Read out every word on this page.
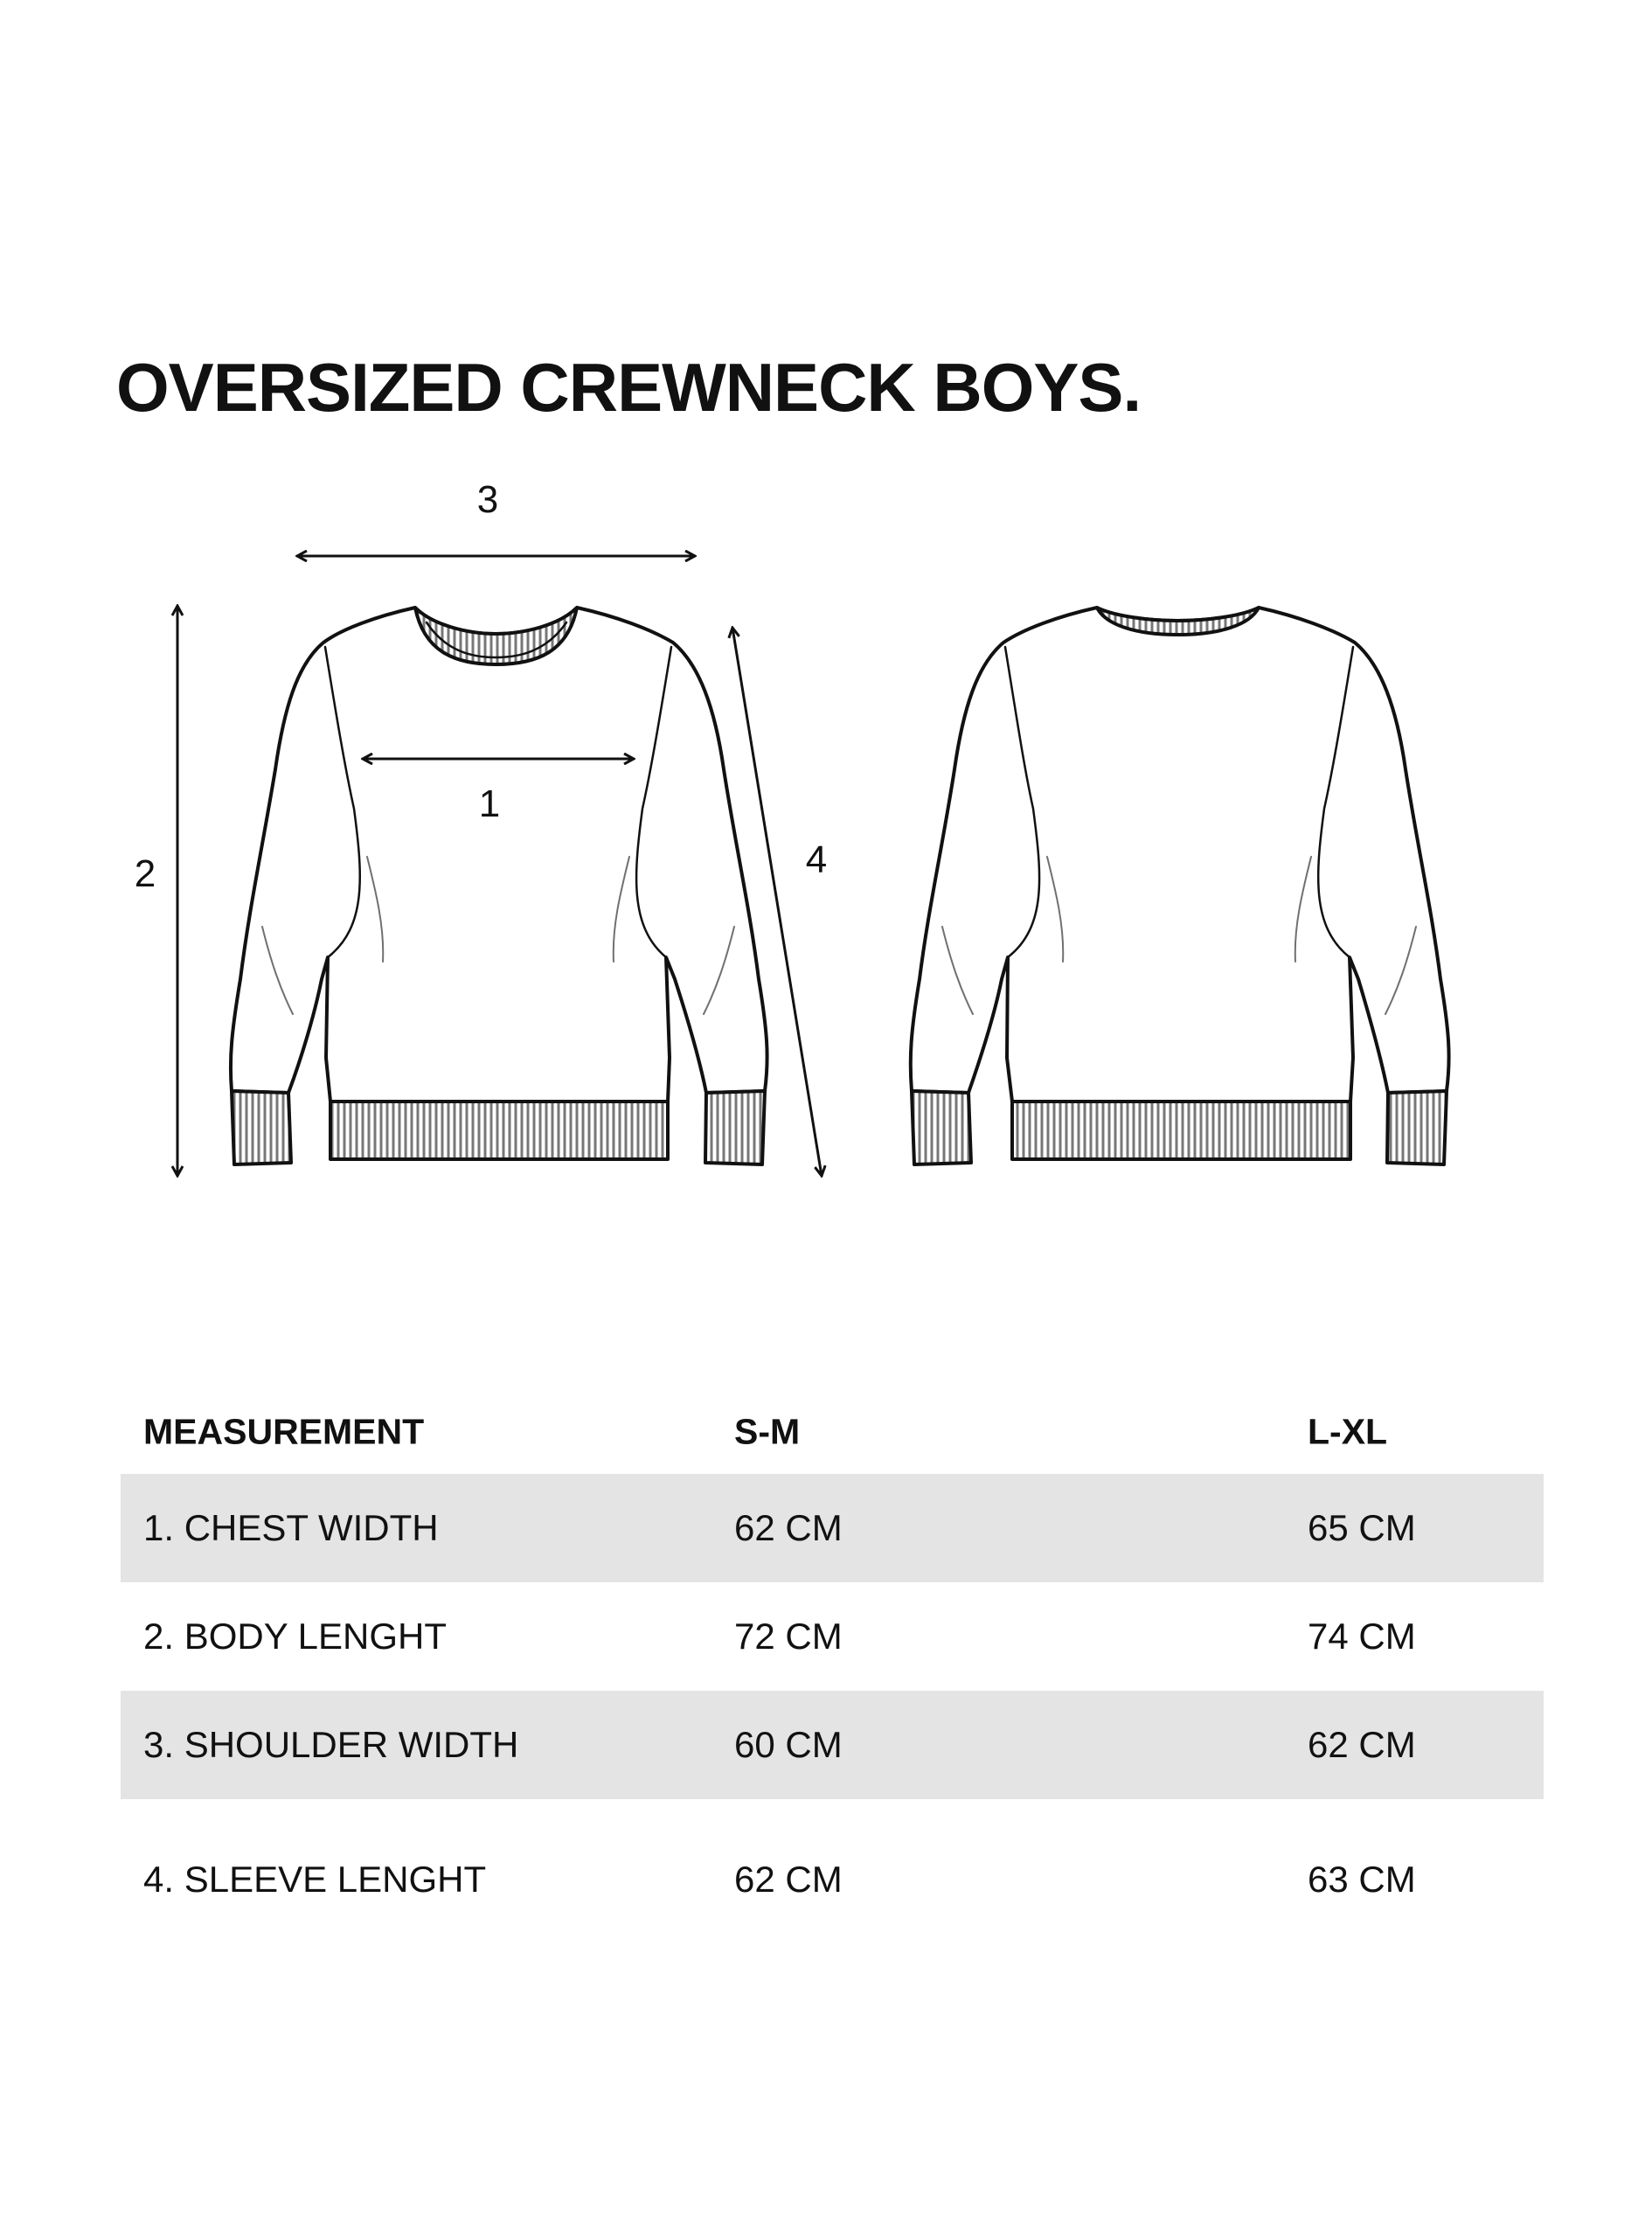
OVERSIZED CREWNECK BOYS.
3
1
2	4
MEASUREMENT	S-M	L-XL
1. CHEST WIDTH	62 CM	65 CM
2. BODY LENGHT	72 CM	74 CM
3. SHOULDER WIDTH	60 CM	62 CM
4. SLEEVE LENGHT	62 CM	63 CM
